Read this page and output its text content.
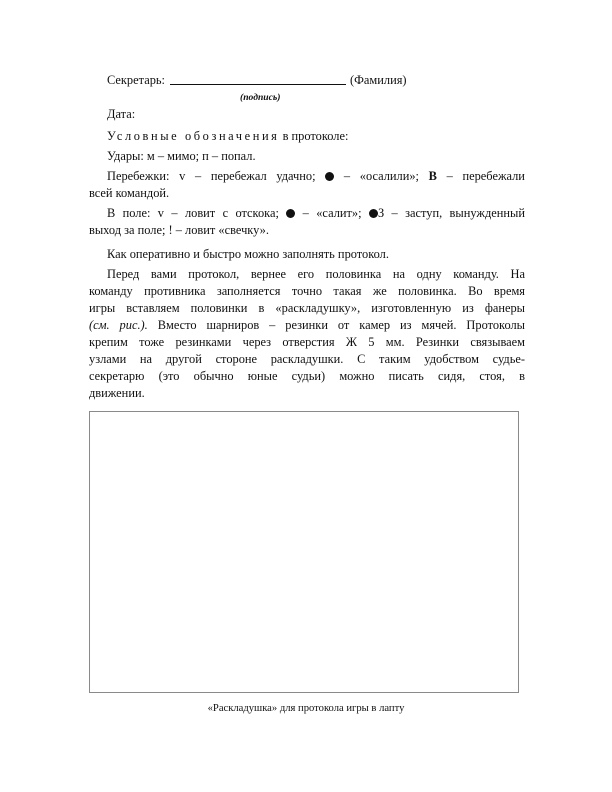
Секретарь:	(Фамилия)
(подпись)
Дата:
Условные обозначения в протоколе:
Удары: м – мимо; п – попал.
Перебежки: v – перебежал удачно; – «осалили»; В – перебежали
всей командой.
В поле: v – ловит с отскока; – «салит»; З – заступ, вынужденный
выход за поле; ! – ловит «свечку».
Как оперативно и быстро можно заполнять протокол.
Перед вами протокол, вернее его половинка на одну команду. На
команду противника заполняется точно такая же половинка. Во время
игры вставляем половинки в «раскладушку», изготовленную из фанеры
(см. рис.). Вместо шарниров – резинки от камер из мячей. Протоколы
крепим тоже резинками через отверстия Ж 5 мм. Резинки связываем
узлами на другой стороне раскладушки. С таким удобством судье-
секретарю (это обычно юные судьи) можно писать сидя, стоя, в
движении.
«Раскладушка» для протокола игры в лапту
